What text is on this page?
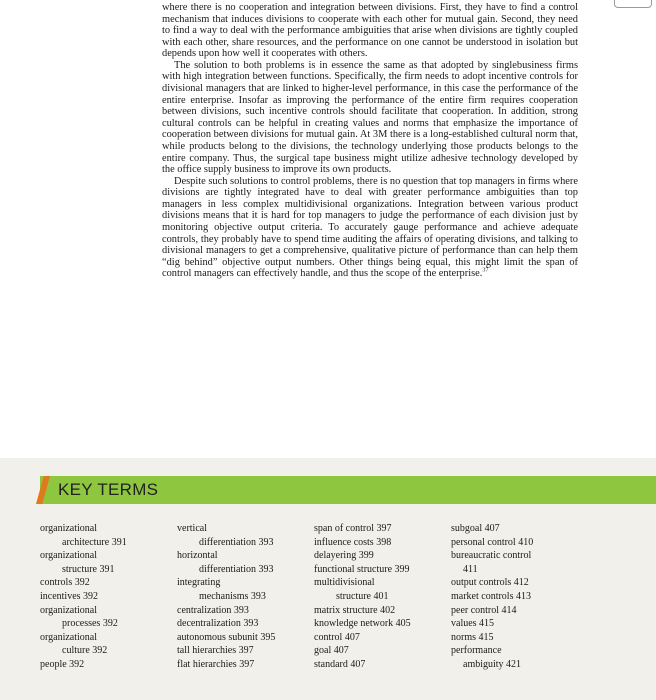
where there is no cooperation and integration between divisions. First, they have to find a control mechanism that induces divisions to cooperate with each other for mutual gain. Second, they need to find a way to deal with the performance ambiguities that arise when divisions are tightly coupled with each other, share resources, and the performance on one cannot be understood in isolation but depends upon how well it cooperates with others.

The solution to both problems is in essence the same as that adopted by singlebusiness firms with high integration between functions. Specifically, the firm needs to adopt incentive controls for divisional managers that are linked to higher-level performance, in this case the performance of the entire enterprise. Insofar as improving the performance of the entire firm requires cooperation between divisions, such incentive controls should facilitate that cooperation. In addition, strong cultural controls can be helpful in creating values and norms that emphasize the importance of cooperation between divisions for mutual gain. At 3M there is a long-established cultural norm that, while products belong to the divisions, the technology underlying those products belongs to the entire company. Thus, the surgical tape business might utilize adhesive technology developed by the office supply business to improve its own products.

Despite such solutions to control problems, there is no question that top managers in firms where divisions are tightly integrated have to deal with greater performance ambiguities than top managers in less complex multidivisional organizations. Integration between various product divisions means that it is hard for top managers to judge the performance of each division just by monitoring objective output criteria. To accurately gauge performance and achieve adequate controls, they probably have to spend time auditing the affairs of operating divisions, and talking to divisional managers to get a comprehensive, qualitative picture of performance than can help them “dig behind” objective output numbers. Other things being equal, this might limit the span of control managers can effectively handle, and thus the scope of the enterprise.$^{37}$

KEY TERMS
organizational
architecture 391
organizational
structure 391
controls 392
incentives 392
organizational
processes 392
organizational
culture 392
people 392
vertical
differentiation 393
horizontal
differentiation 393
integrating
mechanisms 393
centralization 393
decentralization 393
autonomous subunit 395
tall hierarchies 397
flat hierarchies 397
span of control 397
influence costs 398
delayering 399
functional structure 399
multidivisional
structure 401
matrix structure 402
knowledge network 405
control 407
goal 407
standard 407
subgoal 407
personal control 410
bureaucratic control
411
output controls 412
market controls 413
peer control 414
values 415
norms 415
performance
ambiguity 421
